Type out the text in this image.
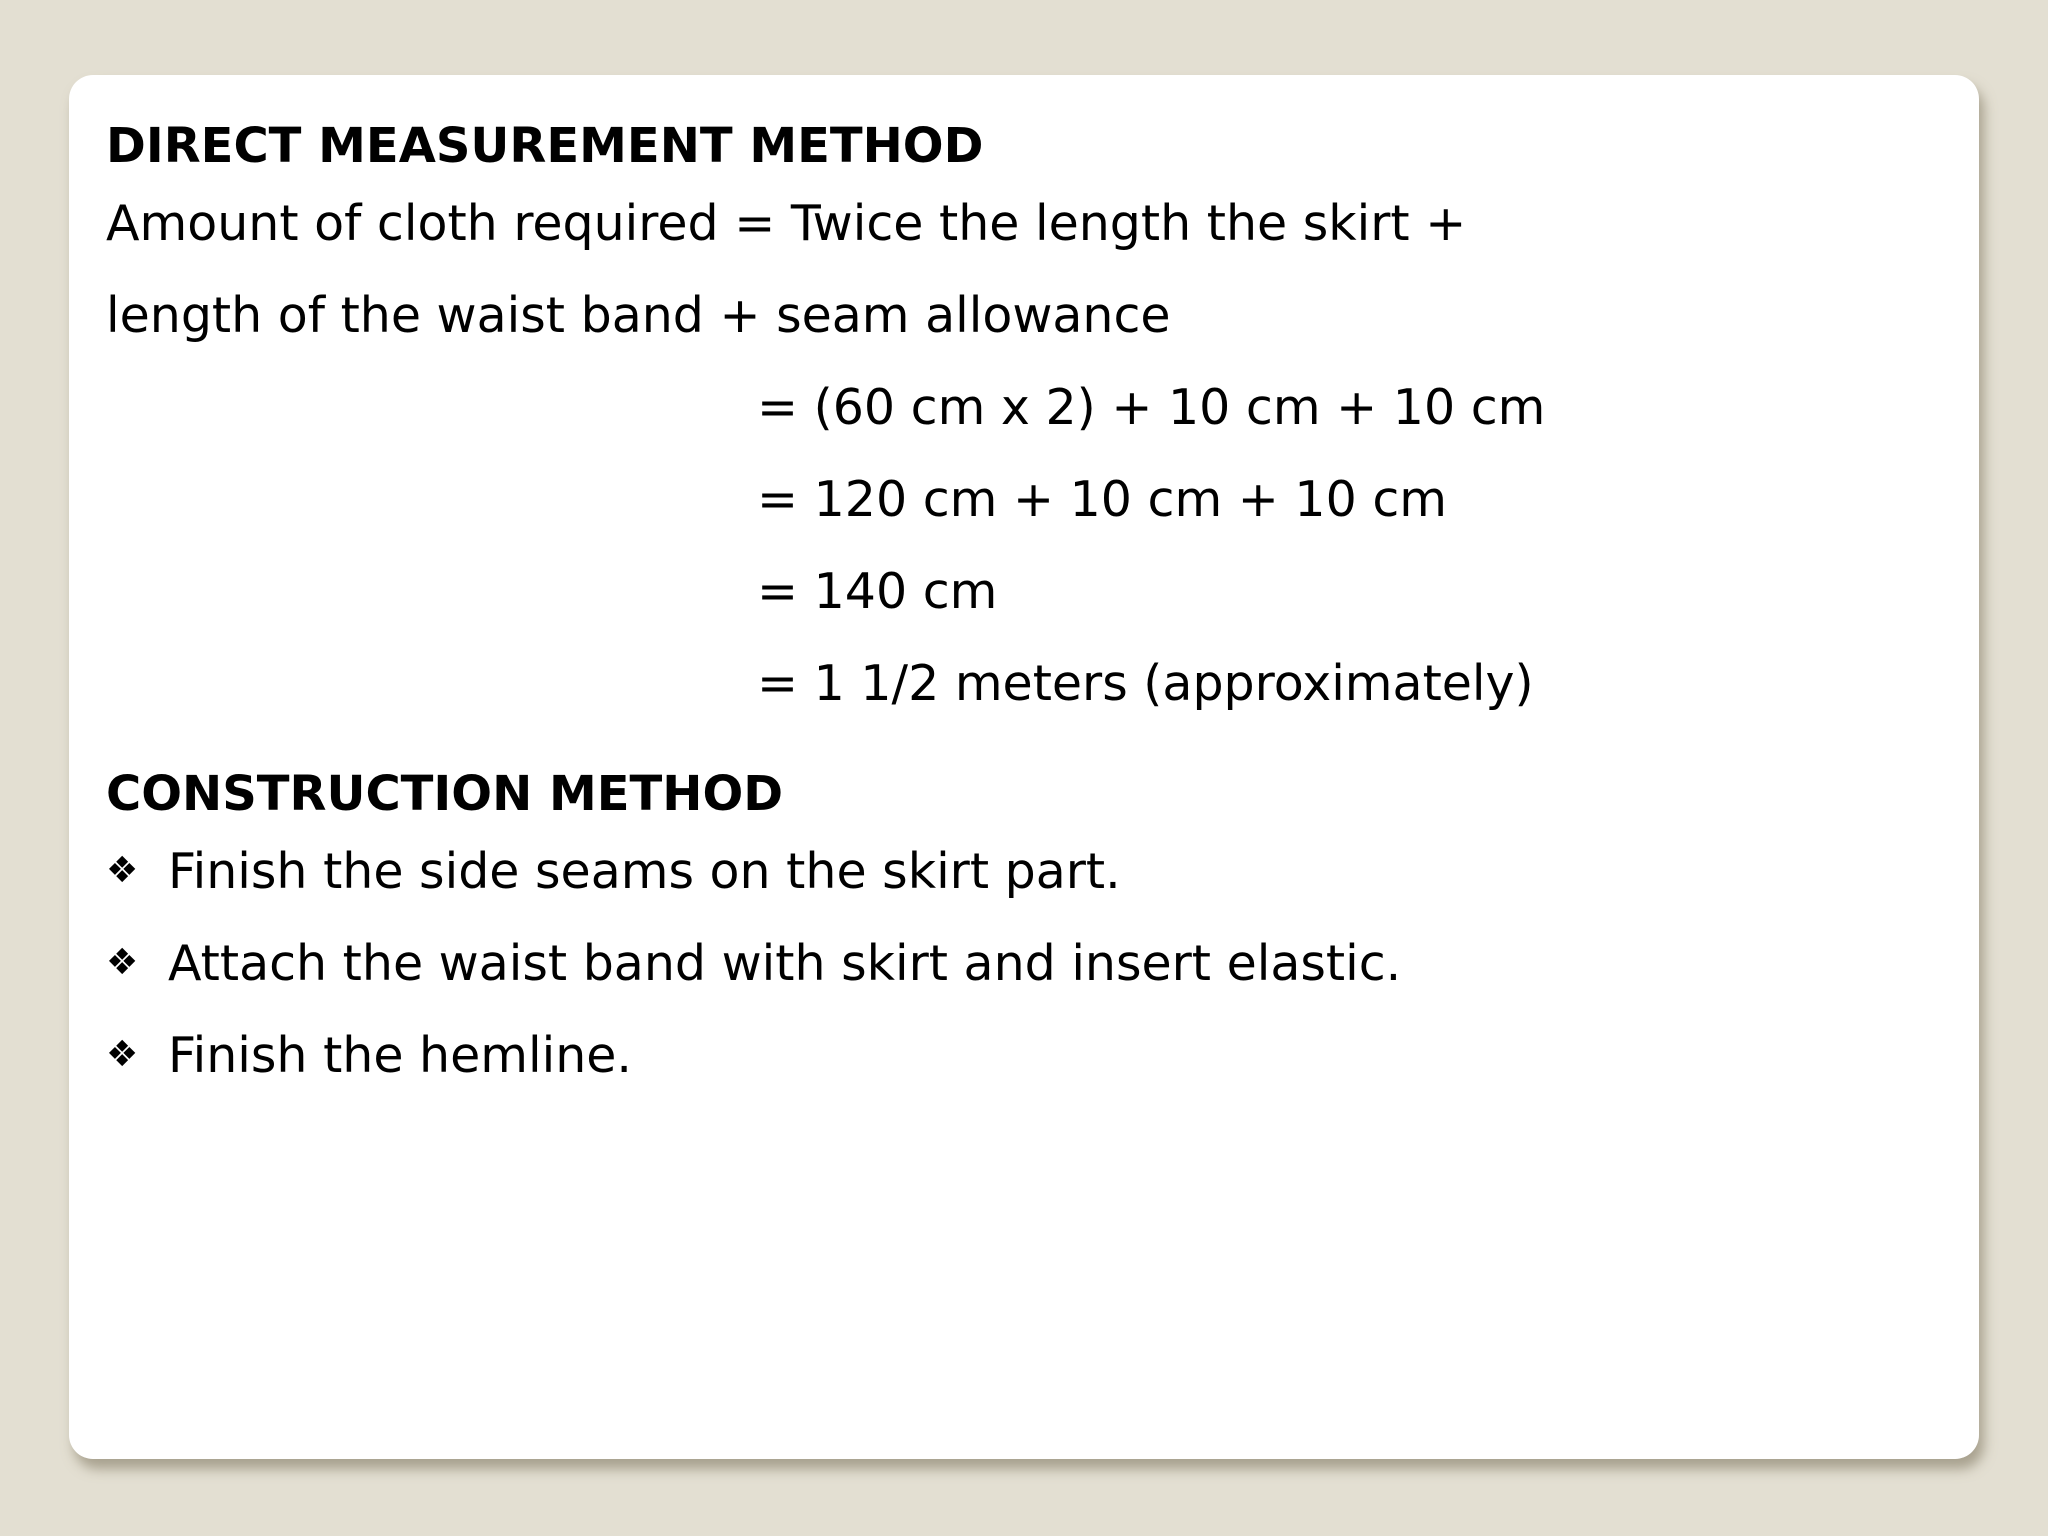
DIRECT MEASUREMENT METHOD
Amount of cloth required = Twice the length the skirt +
length of the waist band + seam allowance
= (60 cm x 2) + 10 cm + 10 cm
= 120 cm + 10 cm + 10 cm
= 140 cm
= 1 1/2 meters (approximately)
CONSTRUCTION METHOD
❖ Finish the side seams on the skirt part.
❖ Attach the waist band with skirt and insert elastic.
❖ Finish the hemline.
